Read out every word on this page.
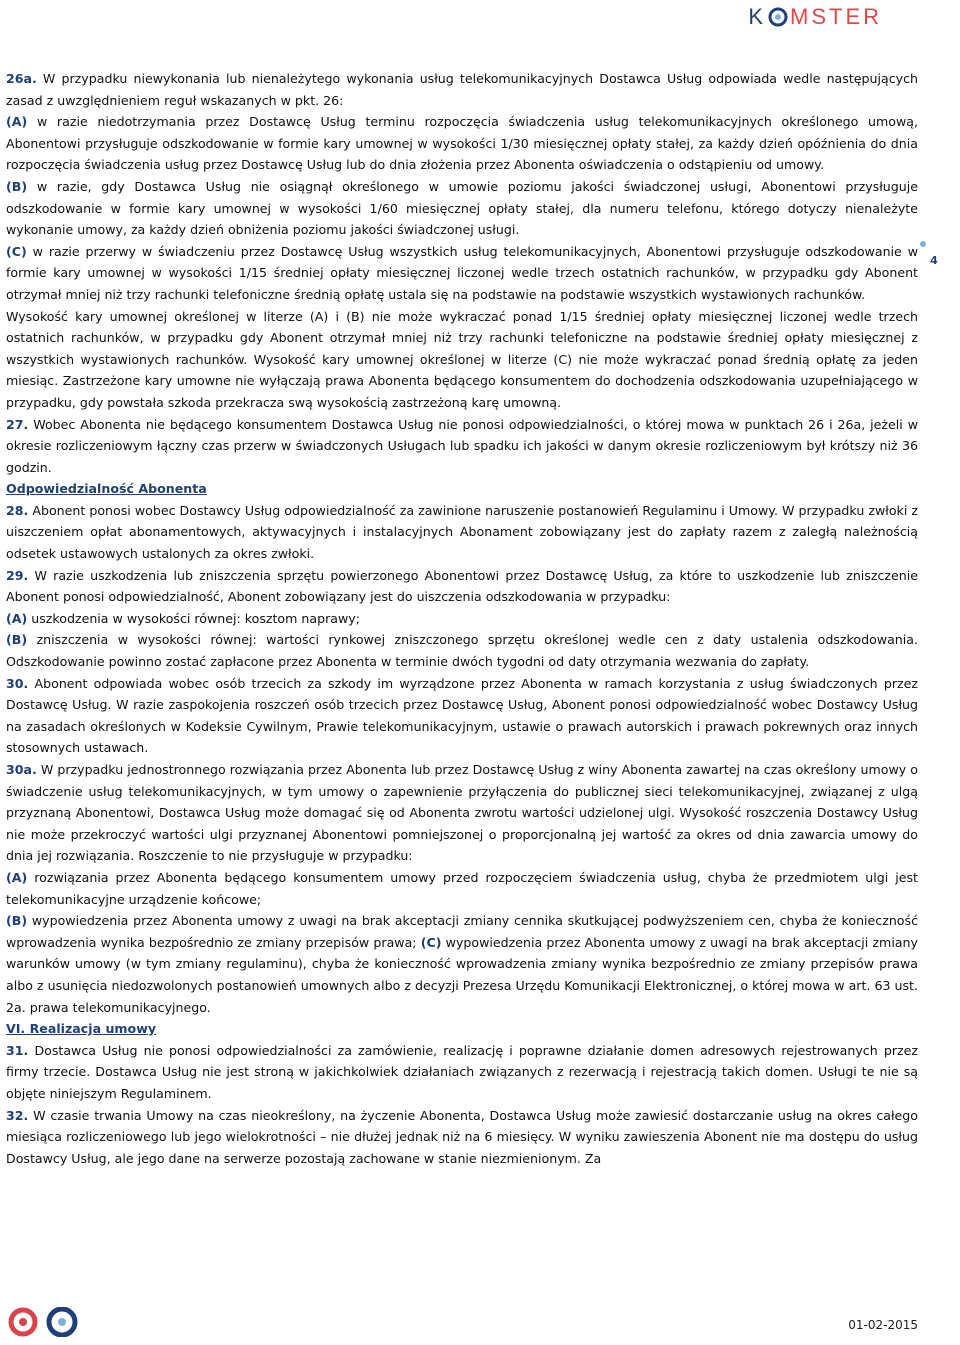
K MSTER
4

26a. W przypadku niewykonania lub nienależytego wykonania usług telekomunikacyjnych Dostawca Usług odpowiada wedle następujących zasad z uwzględnieniem reguł wskazanych w pkt. 26:

(A) w razie niedotrzymania przez Dostawcę Usług terminu rozpoczęcia świadczenia usług telekomunikacyjnych określonego umową, Abonentowi przysługuje odszkodowanie w formie kary umownej w wysokości 1/30 miesięcznej opłaty stałej, za każdy dzień opóźnienia do dnia rozpoczęcia świadczenia usług przez Dostawcę Usług lub do dnia złożenia przez Abonenta oświadczenia o odstąpieniu od umowy.

(B) w razie, gdy Dostawca Usług nie osiągnął określonego w umowie poziomu jakości świadczonej usługi, Abonentowi przysługuje odszkodowanie w formie kary umownej w wysokości 1/60 miesięcznej opłaty stałej, dla numeru telefonu, którego dotyczy nienależyte wykonanie umowy, za każdy dzień obniżenia poziomu jakości świadczonej usługi.

(C) w razie przerwy w świadczeniu przez Dostawcę Usług wszystkich usług telekomunikacyjnych, Abonentowi przysługuje odszkodowanie w formie kary umownej w wysokości 1/15 średniej opłaty miesięcznej liczonej wedle trzech ostatnich rachunków, w przypadku gdy Abonent otrzymał mniej niż trzy rachunki telefoniczne średnią opłatę ustala się na podstawie na podstawie wszystkich wystawionych rachunków.

Wysokość kary umownej określonej w literze (A) i (B) nie może wykraczać ponad 1/15 średniej opłaty miesięcznej liczonej wedle trzech ostatnich rachunków, w przypadku gdy Abonent otrzymał mniej niż trzy rachunki telefoniczne na podstawie średniej opłaty miesięcznej z wszystkich wystawionych rachunków. Wysokość kary umownej określonej w literze (C) nie może wykraczać ponad średnią opłatę za jeden miesiąc. Zastrzeżone kary umowne nie wyłączają prawa Abonenta będącego konsumentem do dochodzenia odszkodowania uzupełniającego w przypadku, gdy powstała szkoda przekracza swą wysokością zastrzeżoną karę umowną.

27. Wobec Abonenta nie będącego konsumentem Dostawca Usług nie ponosi odpowiedzialności, o której mowa w punktach 26 i 26a, jeżeli w okresie rozliczeniowym łączny czas przerw w świadczonych Usługach lub spadku ich jakości w danym okresie rozliczeniowym był krótszy niż 36 godzin.

Odpowiedzialność Abonenta

28. Abonent ponosi wobec Dostawcy Usług odpowiedzialność za zawinione naruszenie postanowień Regulaminu i Umowy. W przypadku zwłoki z uiszczeniem opłat abonamentowych, aktywacyjnych i instalacyjnych Abonament zobowiązany jest do zapłaty razem z zaległą należnością odsetek ustawowych ustalonych za okres zwłoki.

29. W razie uszkodzenia lub zniszczenia sprzętu powierzonego Abonentowi przez Dostawcę Usług, za które to uszkodzenie lub zniszczenie Abonent ponosi odpowiedzialność, Abonent zobowiązany jest do uiszczenia odszkodowania w przypadku:

(A) uszkodzenia w wysokości równej: kosztom naprawy;

(B) zniszczenia w wysokości równej: wartości rynkowej zniszczonego sprzętu określonej wedle cen z daty ustalenia odszkodowania. Odszkodowanie powinno zostać zapłacone przez Abonenta w terminie dwóch tygodni od daty otrzymania wezwania do zapłaty.

30. Abonent odpowiada wobec osób trzecich za szkody im wyrządzone przez Abonenta w ramach korzystania z usług świadczonych przez Dostawcę Usług. W razie zaspokojenia roszczeń osób trzecich przez Dostawcę Usług, Abonent ponosi odpowiedzialność wobec Dostawcy Usług na zasadach określonych w Kodeksie Cywilnym, Prawie telekomunikacyjnym, ustawie o prawach autorskich i prawach pokrewnych oraz innych stosownych ustawach.

30a. W przypadku jednostronnego rozwiązania przez Abonenta lub przez Dostawcę Usług z winy Abonenta zawartej na czas określony umowy o świadczenie usług telekomunikacyjnych, w tym umowy o zapewnienie przyłączenia do publicznej sieci telekomunikacyjnej, związanej z ulgą przyznaną Abonentowi, Dostawca Usług może domagać się od Abonenta zwrotu wartości udzielonej ulgi. Wysokość roszczenia Dostawcy Usług nie może przekroczyć wartości ulgi przyznanej Abonentowi pomniejszonej o proporcjonalną jej wartość za okres od dnia zawarcia umowy do dnia jej rozwiązania. Roszczenie to nie przysługuje w przypadku:

(A) rozwiązania przez Abonenta będącego konsumentem umowy przed rozpoczęciem świadczenia usług, chyba że przedmiotem ulgi jest telekomunikacyjne urządzenie końcowe;

(B) wypowiedzenia przez Abonenta umowy z uwagi na brak akceptacji zmiany cennika skutkującej podwyższeniem cen, chyba że konieczność wprowadzenia wynika bezpośrednio ze zmiany przepisów prawa; (C) wypowiedzenia przez Abonenta umowy z uwagi na brak akceptacji zmiany warunków umowy (w tym zmiany regulaminu), chyba że konieczność wprowadzenia zmiany wynika bezpośrednio ze zmiany przepisów prawa albo z usunięcia niedozwolonych postanowień umownych albo z decyzji Prezesa Urzędu Komunikacji Elektronicznej, o której mowa w art. 63 ust. 2a. prawa telekomunikacyjnego.

VI. Realizacja umowy

31. Dostawca Usług nie ponosi odpowiedzialności za zamówienie, realizację i poprawne działanie domen adresowych rejestrowanych przez firmy trzecie. Dostawca Usług nie jest stroną w jakichkolwiek działaniach związanych z rezerwacją i rejestracją takich domen. Usługi te nie są objęte niniejszym Regulaminem.

32. W czasie trwania Umowy na czas nieokreślony, na życzenie Abonenta, Dostawca Usług może zawiesić dostarczanie usług na okres całego miesiąca rozliczeniowego lub jego wielokrotności – nie dłużej jednak niż na 6 miesięcy. W wyniku zawieszenia Abonent nie ma dostępu do usług Dostawcy Usług, ale jego dane na serwerze pozostają zachowane w stanie niezmienionym. Za

01-02-2015
